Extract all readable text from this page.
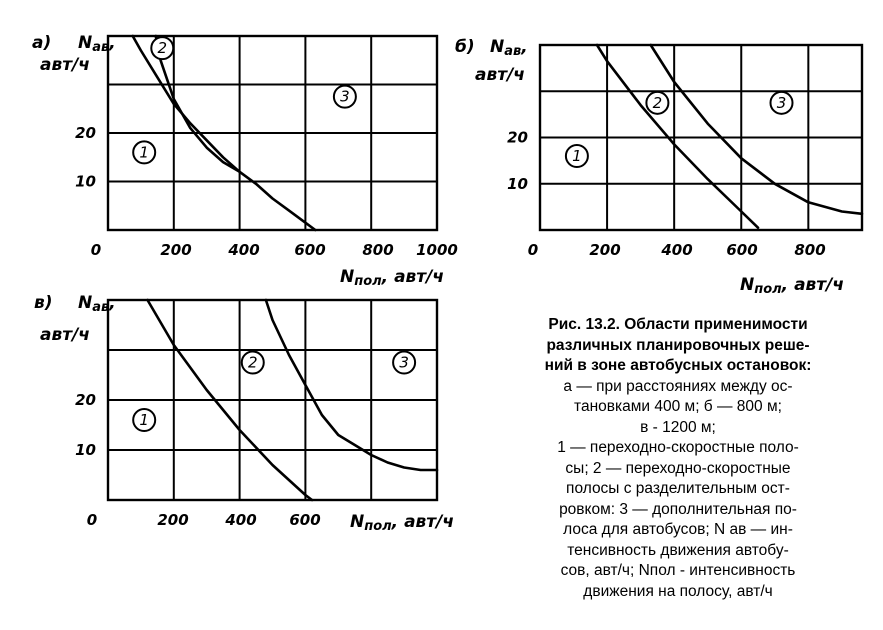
1
2
3
0	200 400 600 800 1000
10
20
а) Nав,
авт/ч
Nпол, авт/ч
1
2	3
0	200	400 600 800
10
20
б) Nав,
авт/ч
Nпол, авт/ч
1
2	3
0	200 400 600
10
20
в) Nав,
авт/ч
Nпол, авт/ч
Рис. 13.2. Области применимости
различных планировочных реше-
ний в зоне автобусных остановок:
а — при расстояниях между ос-
тановками 400 м; б — 800 м;
в - 1200 м;
1 — переходно-скоростные поло-
сы; 2 — переходно-скоростные
полосы с разделительным ост-
ровком: 3 — дополнительная по-
лоса для автобусов; N ав — ин-
тенсивность движения автобу-
сов, авт/ч; Nпол - интенсивность
движения на полосу, авт/ч
